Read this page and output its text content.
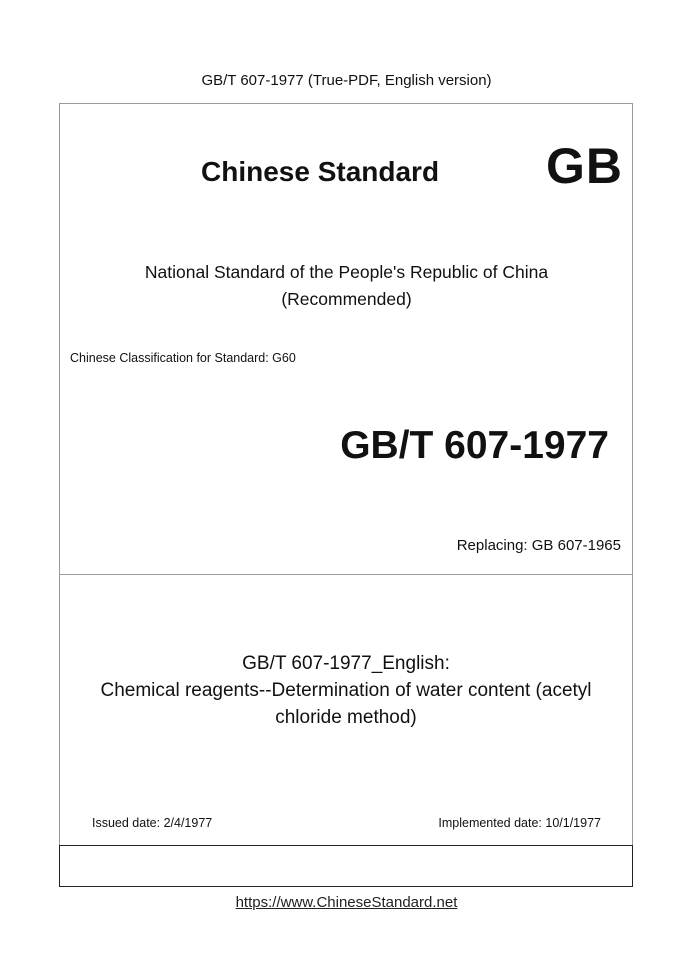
GB/T 607-1977 (True-PDF, English version)
Chinese Standard GB
National Standard of the People's Republic of China
(Recommended)
Chinese Classification for Standard: G60
GB/T 607-1977
Replacing: GB 607-1965
GB/T 607-1977_English:
Chemical reagents--Determination of water content (acetyl
chloride method)
Issued date: 2/4/1977	Implemented date: 10/1/1977
https://www.ChineseStandard.net
